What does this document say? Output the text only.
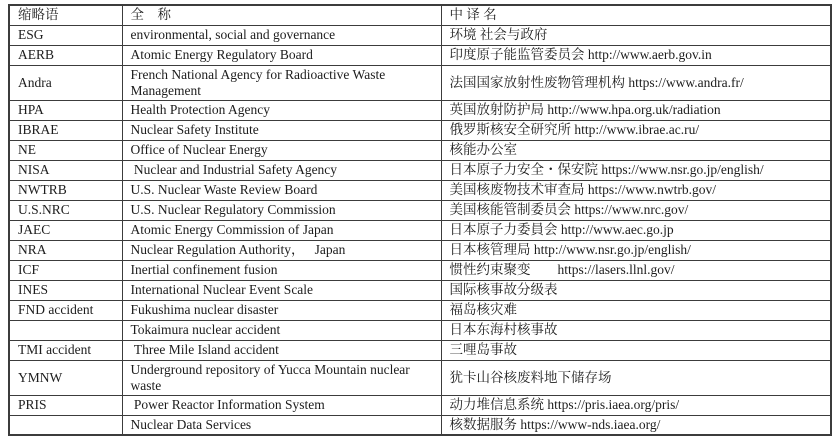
缩略语	全　称	中 译 名
ESG	environmental, social and governance	环境 社会与政府
AERB	Atomic Energy Regulatory Board	印度原子能监管委员会 http://www.aerb.gov.in
Andra	French National Agency for Radioactive Waste Management	法国国家放射性废物管理机构 https://www.andra.fr/
HPA	Health Protection Agency	英国放射防护局 http://www.hpa.org.uk/radiation
IBRAE	Nuclear Safety Institute	俄罗斯核安全研究所 http://www.ibrae.ac.ru/
NE	Office of Nuclear Energy	核能办公室
NISA	Nuclear and Industrial Safety Agency	日本原子力安全・保安院 https://www.nsr.go.jp/english/
NWTRB	U.S. Nuclear Waste Review Board	美国核废物技术审查局 https://www.nwtrb.gov/
U.S.NRC	U.S. Nuclear Regulatory Commission	美国核能管制委员会 https://www.nrc.gov/
JAEC	Atomic Energy Commission of Japan	日本原子力委員会 http://www.aec.go.jp
NRA	Nuclear Regulation Authority，   Japan	日本核管理局 http://www.nsr.go.jp/english/
ICF	Inertial confinement fusion	惯性约束聚变        https://lasers.llnl.gov/
INES	International Nuclear Event Scale	国际核事故分级表
FND accident	Fukushima nuclear disaster	福岛核灾难
	Tokaimura nuclear accident	日本东海村核事故
TMI accident	Three Mile Island accident	三哩岛事故
YMNW	Underground repository of Yucca Mountain nuclear waste	犹卡山谷核废料地下储存场
PRIS	Power Reactor Information System	动力堆信息系统 https://pris.iaea.org/pris/
	Nuclear Data Services	核数据服务 https://www-nds.iaea.org/
